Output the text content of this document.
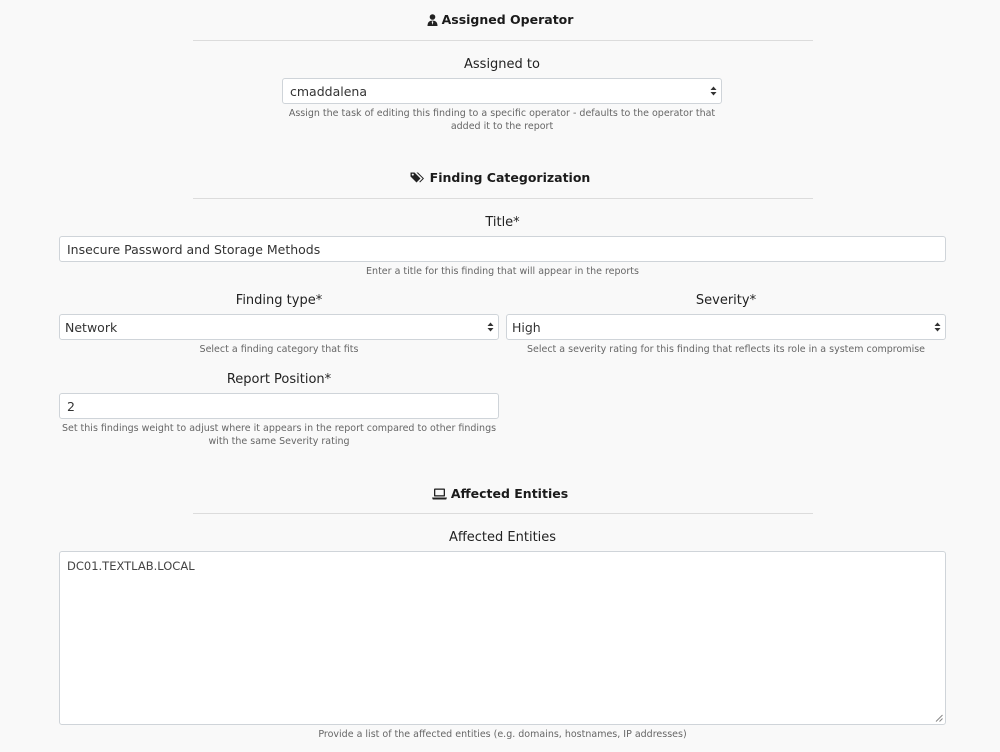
Assigned Operator
Assigned to
cmaddalena
Assign the task of editing this finding to a specific operator - defaults to the operator that added it to the report
Finding Categorization
Title*
Insecure Password and Storage Methods
Enter a title for this finding that will appear in the reports
Finding type*
Network
Select a finding category that fits
Severity*
High
Select a severity rating for this finding that reflects its role in a system compromise
Report Position*
2
Set this findings weight to adjust where it appears in the report compared to other findings with the same Severity rating
Affected Entities
Affected Entities
DC01.TEXTLAB.LOCAL
Provide a list of the affected entities (e.g. domains, hostnames, IP addresses)
